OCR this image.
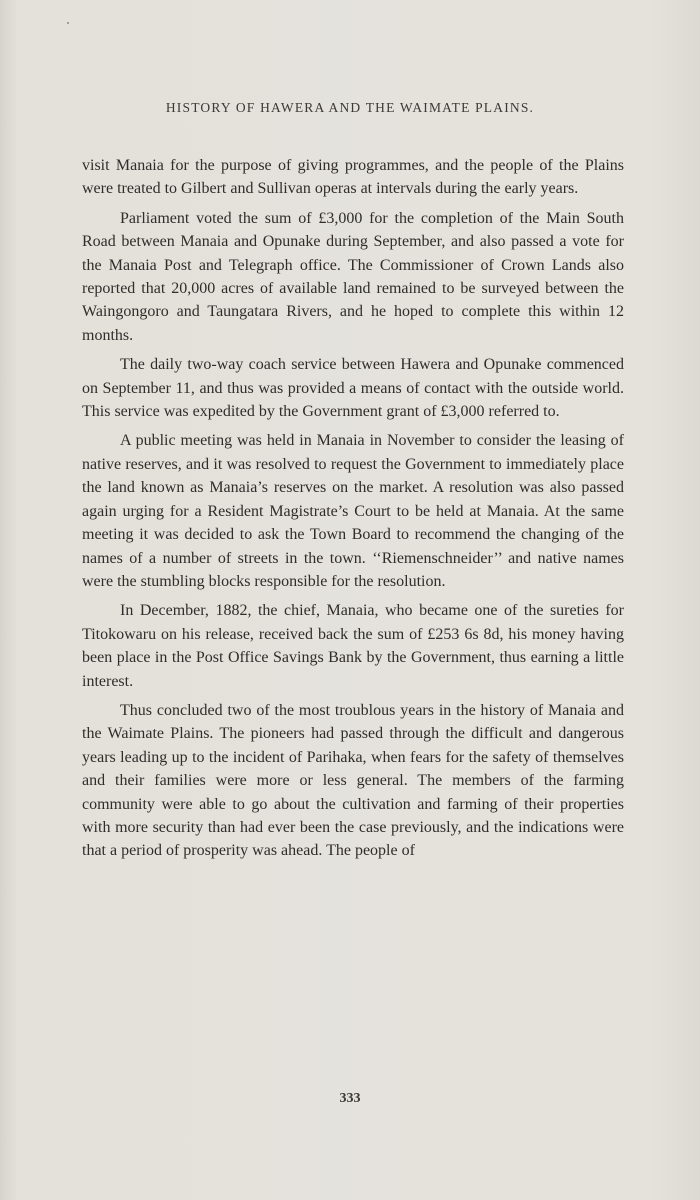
HISTORY OF HAWERA AND THE WAIMATE PLAINS.

visit Manaia for the purpose of giving programmes, and the people of the Plains were treated to Gilbert and Sullivan operas at intervals during the early years.

Parliament voted the sum of £3,000 for the completion of the Main South Road between Manaia and Opunake during September, and also passed a vote for the Manaia Post and Telegraph office. The Commissioner of Crown Lands also reported that 20,000 acres of available land remained to be surveyed between the Waingongoro and Taungatara Rivers, and he hoped to complete this within 12 months.

The daily two-way coach service between Hawera and Opunake commenced on September 11, and thus was provided a means of contact with the outside world. This service was expedited by the Government grant of £3,000 referred to.

A public meeting was held in Manaia in November to consider the leasing of native reserves, and it was resolved to request the Government to immediately place the land known as Manaia’s reserves on the market. A resolution was also passed again urging for a Resident Magistrate’s Court to be held at Manaia. At the same meeting it was decided to ask the Town Board to recommend the changing of the names of a number of streets in the town. ‘‘Riemenschneider’’ and native names were the stumbling blocks responsible for the resolution.

In December, 1882, the chief, Manaia, who became one of the sureties for Titokowaru on his release, received back the sum of £253 6s 8d, his money having been place in the Post Office Savings Bank by the Government, thus earning a little interest.

Thus concluded two of the most troublous years in the history of Manaia and the Waimate Plains. The pioneers had passed through the difficult and dangerous years leading up to the incident of Parihaka, when fears for the safety of themselves and their families were more or less general. The members of the farming community were able to go about the cultivation and farming of their properties with more security than had ever been the case previously, and the indications were that a period of prosperity was ahead. The people of

333
